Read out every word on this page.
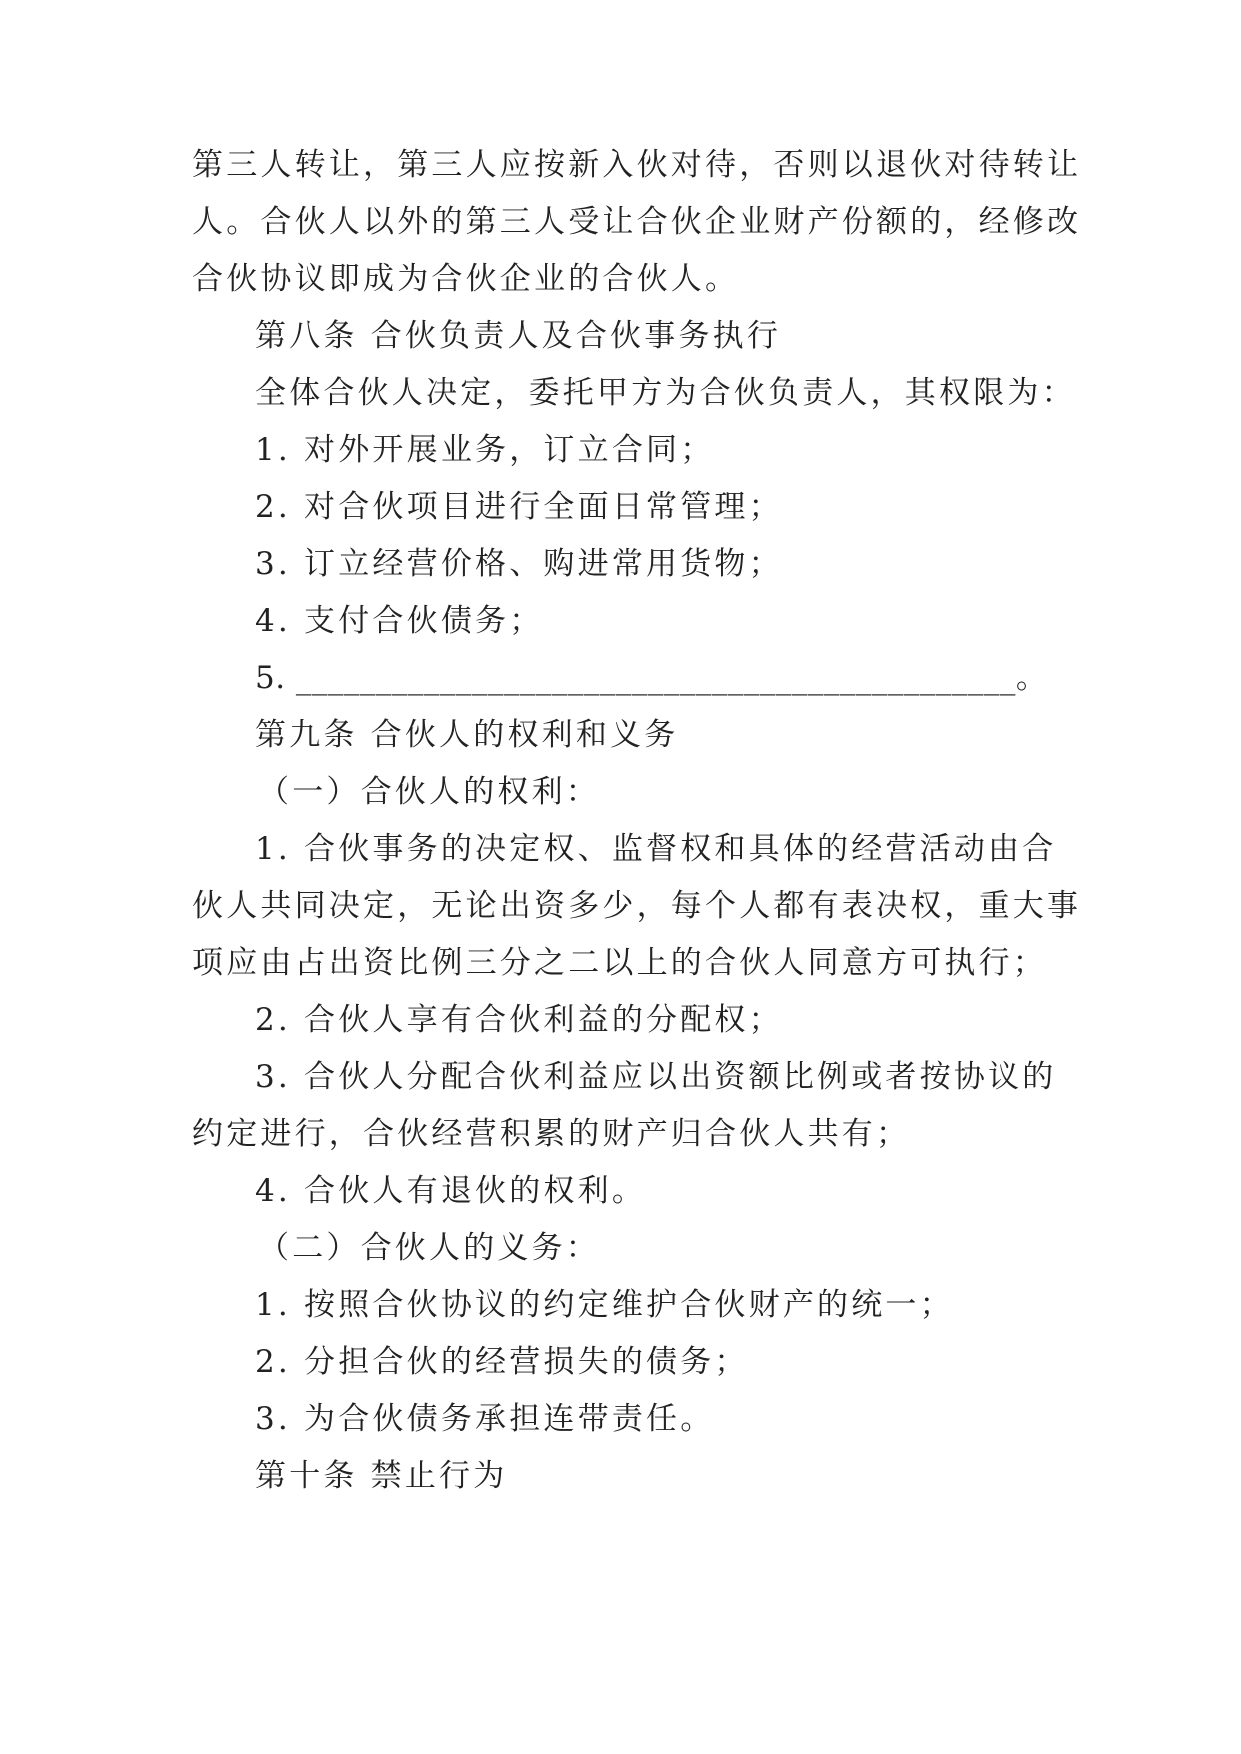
第三人转让，第三人应按新入伙对待，否则以退伙对待转让
人。合伙人以外的第三人受让合伙企业财产份额的，经修改
合伙协议即成为合伙企业的合伙人。
第八条 合伙负责人及合伙事务执行
全体合伙人决定，委托甲方为合伙负责人，其权限为：
1. 对外开展业务，订立合同；
2. 对合伙项目进行全面日常管理；
3. 订立经营价格、购进常用货物；
4. 支付合伙债务；
5. _____________________________________________。
第九条 合伙人的权利和义务
（一）合伙人的权利：
1. 合伙事务的决定权、监督权和具体的经营活动由合
伙人共同决定，无论出资多少，每个人都有表决权，重大事
项应由占出资比例三分之二以上的合伙人同意方可执行；
2. 合伙人享有合伙利益的分配权；
3. 合伙人分配合伙利益应以出资额比例或者按协议的
约定进行，合伙经营积累的财产归合伙人共有；
4. 合伙人有退伙的权利。
（二）合伙人的义务：
1. 按照合伙协议的约定维护合伙财产的统一；
2. 分担合伙的经营损失的债务；
3. 为合伙债务承担连带责任。
第十条 禁止行为
